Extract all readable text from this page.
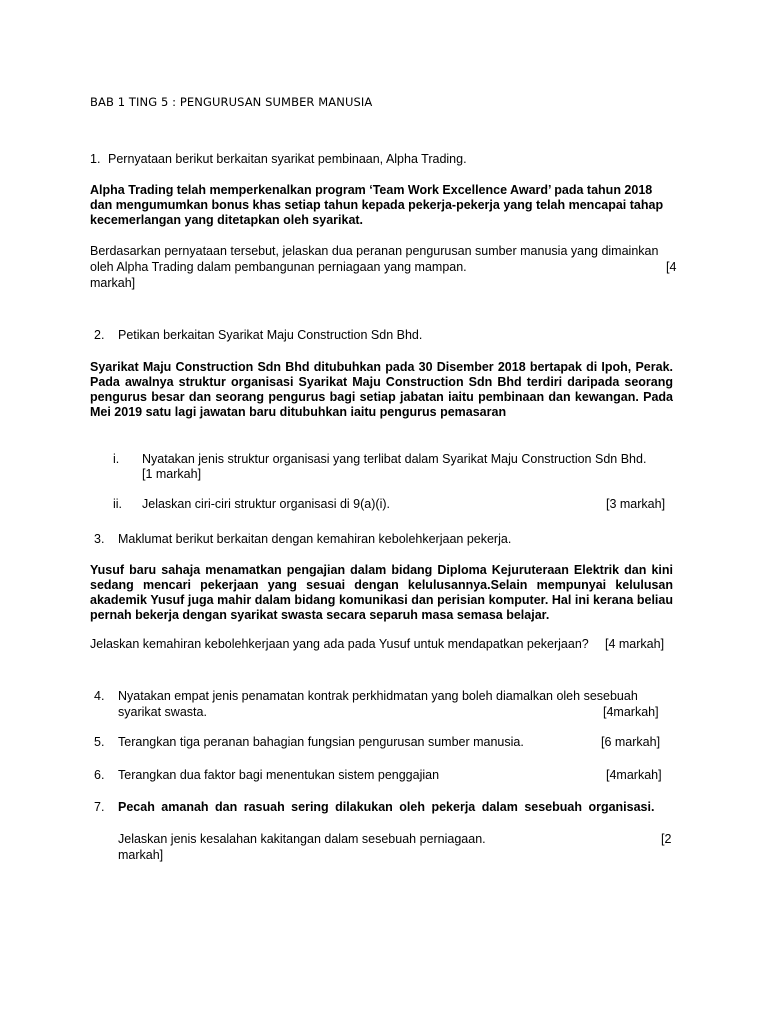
BAB 1 TING 5 : PENGURUSAN SUMBER MANUSIA

1. Pernyataan berikut berkaitan syarikat pembinaan, Alpha Trading.

Alpha Trading telah memperkenalkan program ‘Team Work Excellence Award’ pada tahun 2018 dan mengumumkan bonus khas setiap tahun kepada pekerja-pekerja yang telah mencapai tahap kecemerlangan yang ditetapkan oleh syarikat.

Berdasarkan pernyataan tersebut, jelaskan dua peranan pengurusan sumber manusia yang dimainkan

oleh Alpha Trading dalam pembangunan perniagaan yang mampan.	[4

markah]

2. Petikan berkaitan Syarikat Maju Construction Sdn Bhd.

Syarikat Maju Construction Sdn Bhd ditubuhkan pada 30 Disember 2018 bertapak di Ipoh, Perak. Pada awalnya struktur organisasi Syarikat Maju Construction Sdn Bhd terdiri daripada seorang pengurus besar dan seorang pengurus bagi setiap jabatan iaitu pembinaan dan kewangan. Pada Mei 2019 satu lagi jawatan baru ditubuhkan iaitu pengurus pemasaran

i. Nyatakan jenis struktur organisasi yang terlibat dalam Syarikat Maju Construction Sdn Bhd.

[1 markah]

ii. Jelaskan ciri-ciri struktur organisasi di 9(a)(i).	[3 markah]
3. Maklumat berikut berkaitan dengan kemahiran kebolehkerjaan pekerja.

Yusuf baru sahaja menamatkan pengajian dalam bidang Diploma Kejuruteraan Elektrik dan kini sedang mencari pekerjaan yang sesuai dengan kelulusannya.Selain mempunyai kelulusan akademik Yusuf juga mahir dalam bidang komunikasi dan perisian komputer. Hal ini kerana beliau pernah bekerja dengan syarikat swasta secara separuh masa semasa belajar.

Jelaskan kemahiran kebolehkerjaan yang ada pada Yusuf untuk mendapatkan pekerjaan? [4 markah]
4. Nyatakan empat jenis penamatan kontrak perkhidmatan yang boleh diamalkan oleh sesebuah

syarikat swasta.	[4markah]
5. Terangkan tiga peranan bahagian fungsian pengurusan sumber manusia.	[6 markah]
6. Terangkan dua faktor bagi menentukan sistem penggajian	[4markah]
7. Pecah amanah dan rasuah sering dilakukan oleh pekerja dalam sesebuah organisasi.

Jelaskan jenis kesalahan kakitangan dalam sesebuah perniagaan.	[2

markah]
